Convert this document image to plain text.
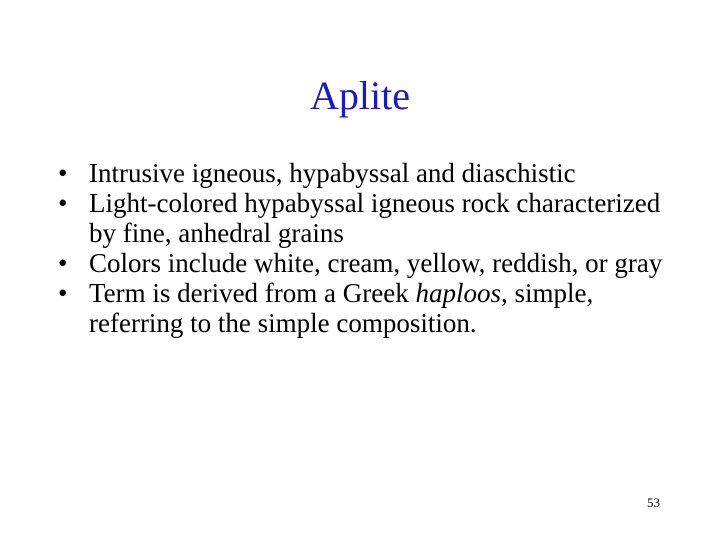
Aplite
• Intrusive igneous, hypabyssal and diaschistic
• Light-colored hypabyssal igneous rock characterized by fine, anhedral grains
• Colors include white, cream, yellow, reddish, or gray
• Term is derived from a Greek haploos, simple, referring to the simple composition.
53
